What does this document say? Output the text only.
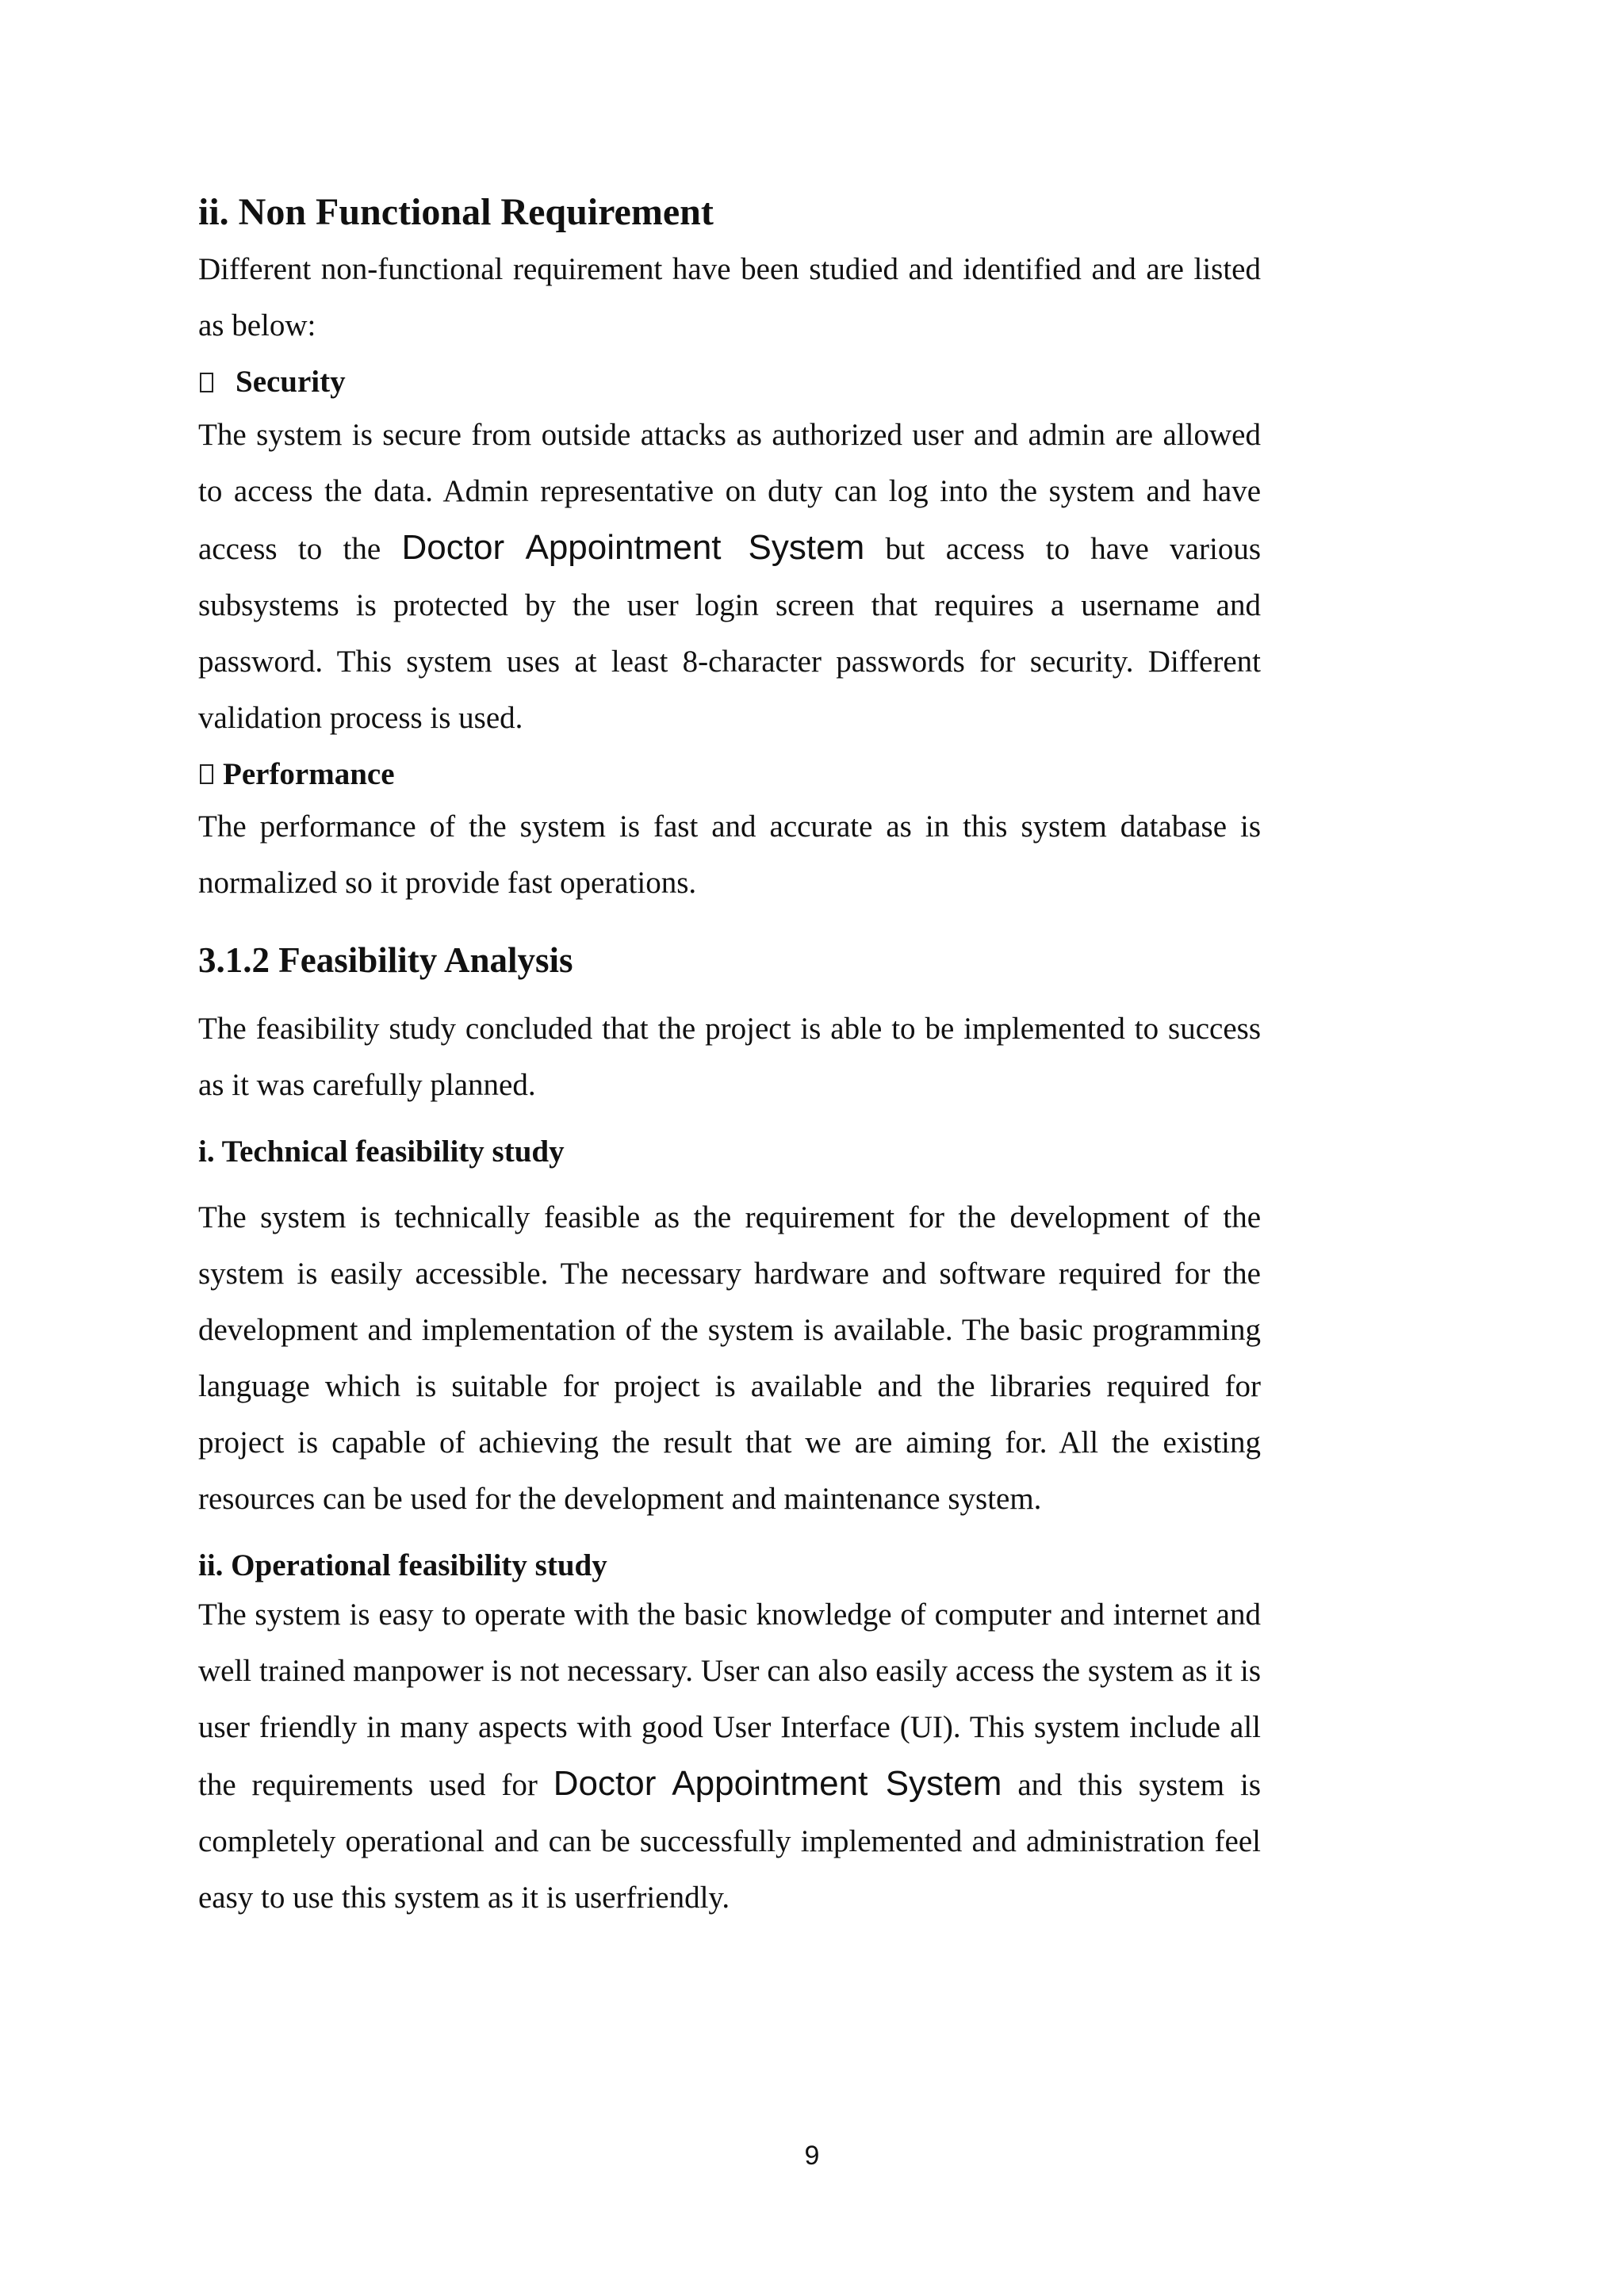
ii. Non Functional Requirement

Different non-functional requirement have been studied and identified and are listed as below:

Security

The system is secure from outside attacks as authorized user and admin are allowed to access the data. Admin representative on duty can log into the system and have access to the Doctor Appointment System but access to have various subsystems is protected by the user login screen that requires a username and password. This system uses at least 8-character passwords for security. Different validation process is used.

Performance

The performance of the system is fast and accurate as in this system database is normalized so it provide fast operations.

3.1.2 Feasibility Analysis

The feasibility study concluded that the project is able to be implemented to success as it was carefully planned.

i. Technical feasibility study

The system is technically feasible as the requirement for the development of the system is easily accessible. The necessary hardware and software required for the development and implementation of the system is available. The basic programming language which is suitable for project is available and the libraries required for project is capable of achieving the result that we are aiming for. All the existing resources can be used for the development and maintenance system.

ii. Operational feasibility study

The system is easy to operate with the basic knowledge of computer and internet and well trained manpower is not necessary. User can also easily access the system as it is user friendly in many aspects with good User Interface (UI). This system include all the requirements used for Doctor Appointment System and this system is completely operational and can be successfully implemented and administration feel easy to use this system as it is userfriendly.

9
